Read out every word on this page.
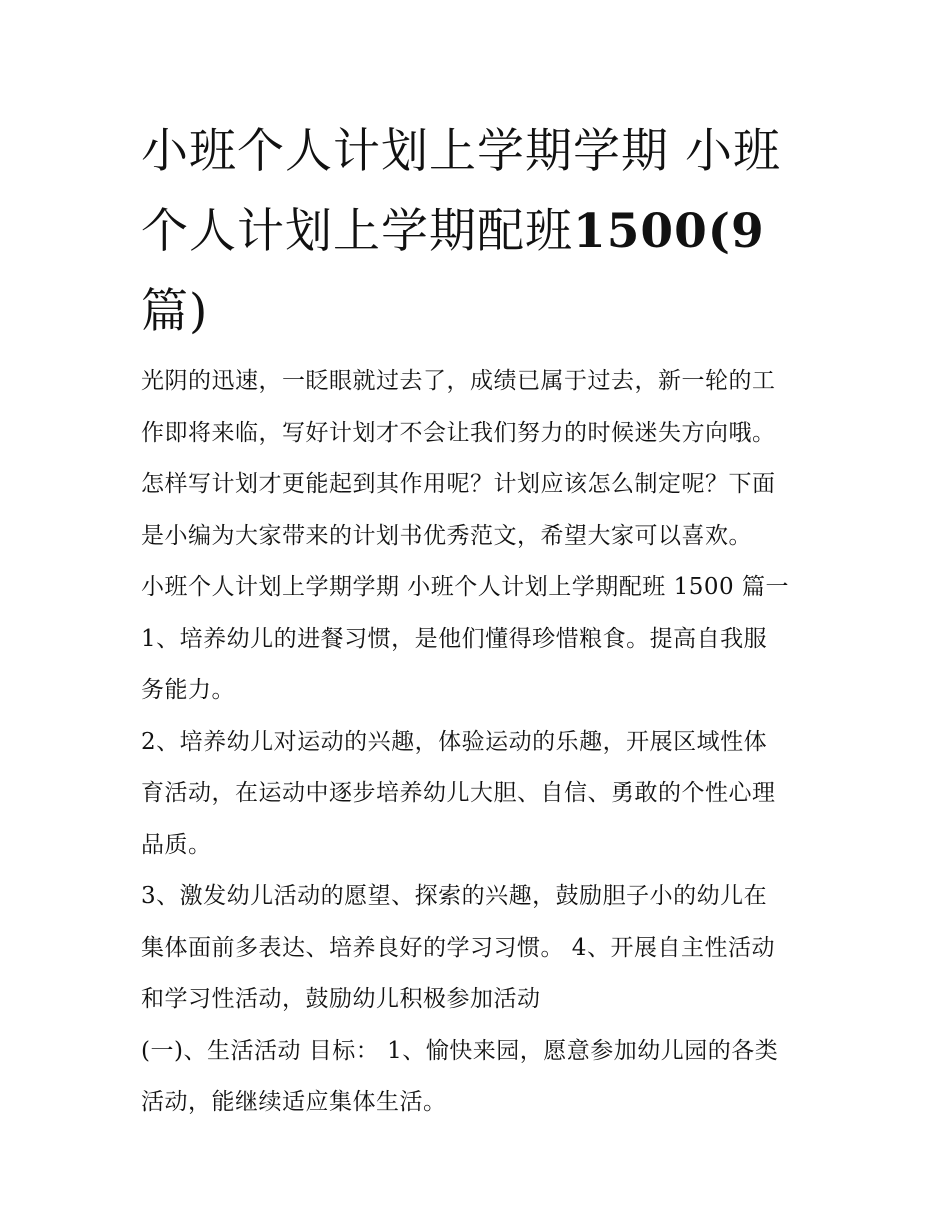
小班个人计划上学期学期 小班
个人计划上学期配班1500(9
篇)
光阴的迅速，一眨眼就过去了，成绩已属于过去，新一轮的工
作即将来临，写好计划才不会让我们努力的时候迷失方向哦。
怎样写计划才更能起到其作用呢？计划应该怎么制定呢？下面
是小编为大家带来的计划书优秀范文，希望大家可以喜欢。
小班个人计划上学期学期 小班个人计划上学期配班 1500 篇一
1、培养幼儿的进餐习惯，是他们懂得珍惜粮食。提高自我服
务能力。
2、培养幼儿对运动的兴趣，体验运动的乐趣，开展区域性体
育活动，在运动中逐步培养幼儿大胆、自信、勇敢的个性心理
品质。
3、激发幼儿活动的愿望、探索的兴趣，鼓励胆子小的幼儿在
集体面前多表达、培养良好的学习习惯。 4、开展自主性活动
和学习性活动，鼓励幼儿积极参加活动
(一)、生活活动 目标： 1、愉快来园，愿意参加幼儿园的各类
活动，能继续适应集体生活。
